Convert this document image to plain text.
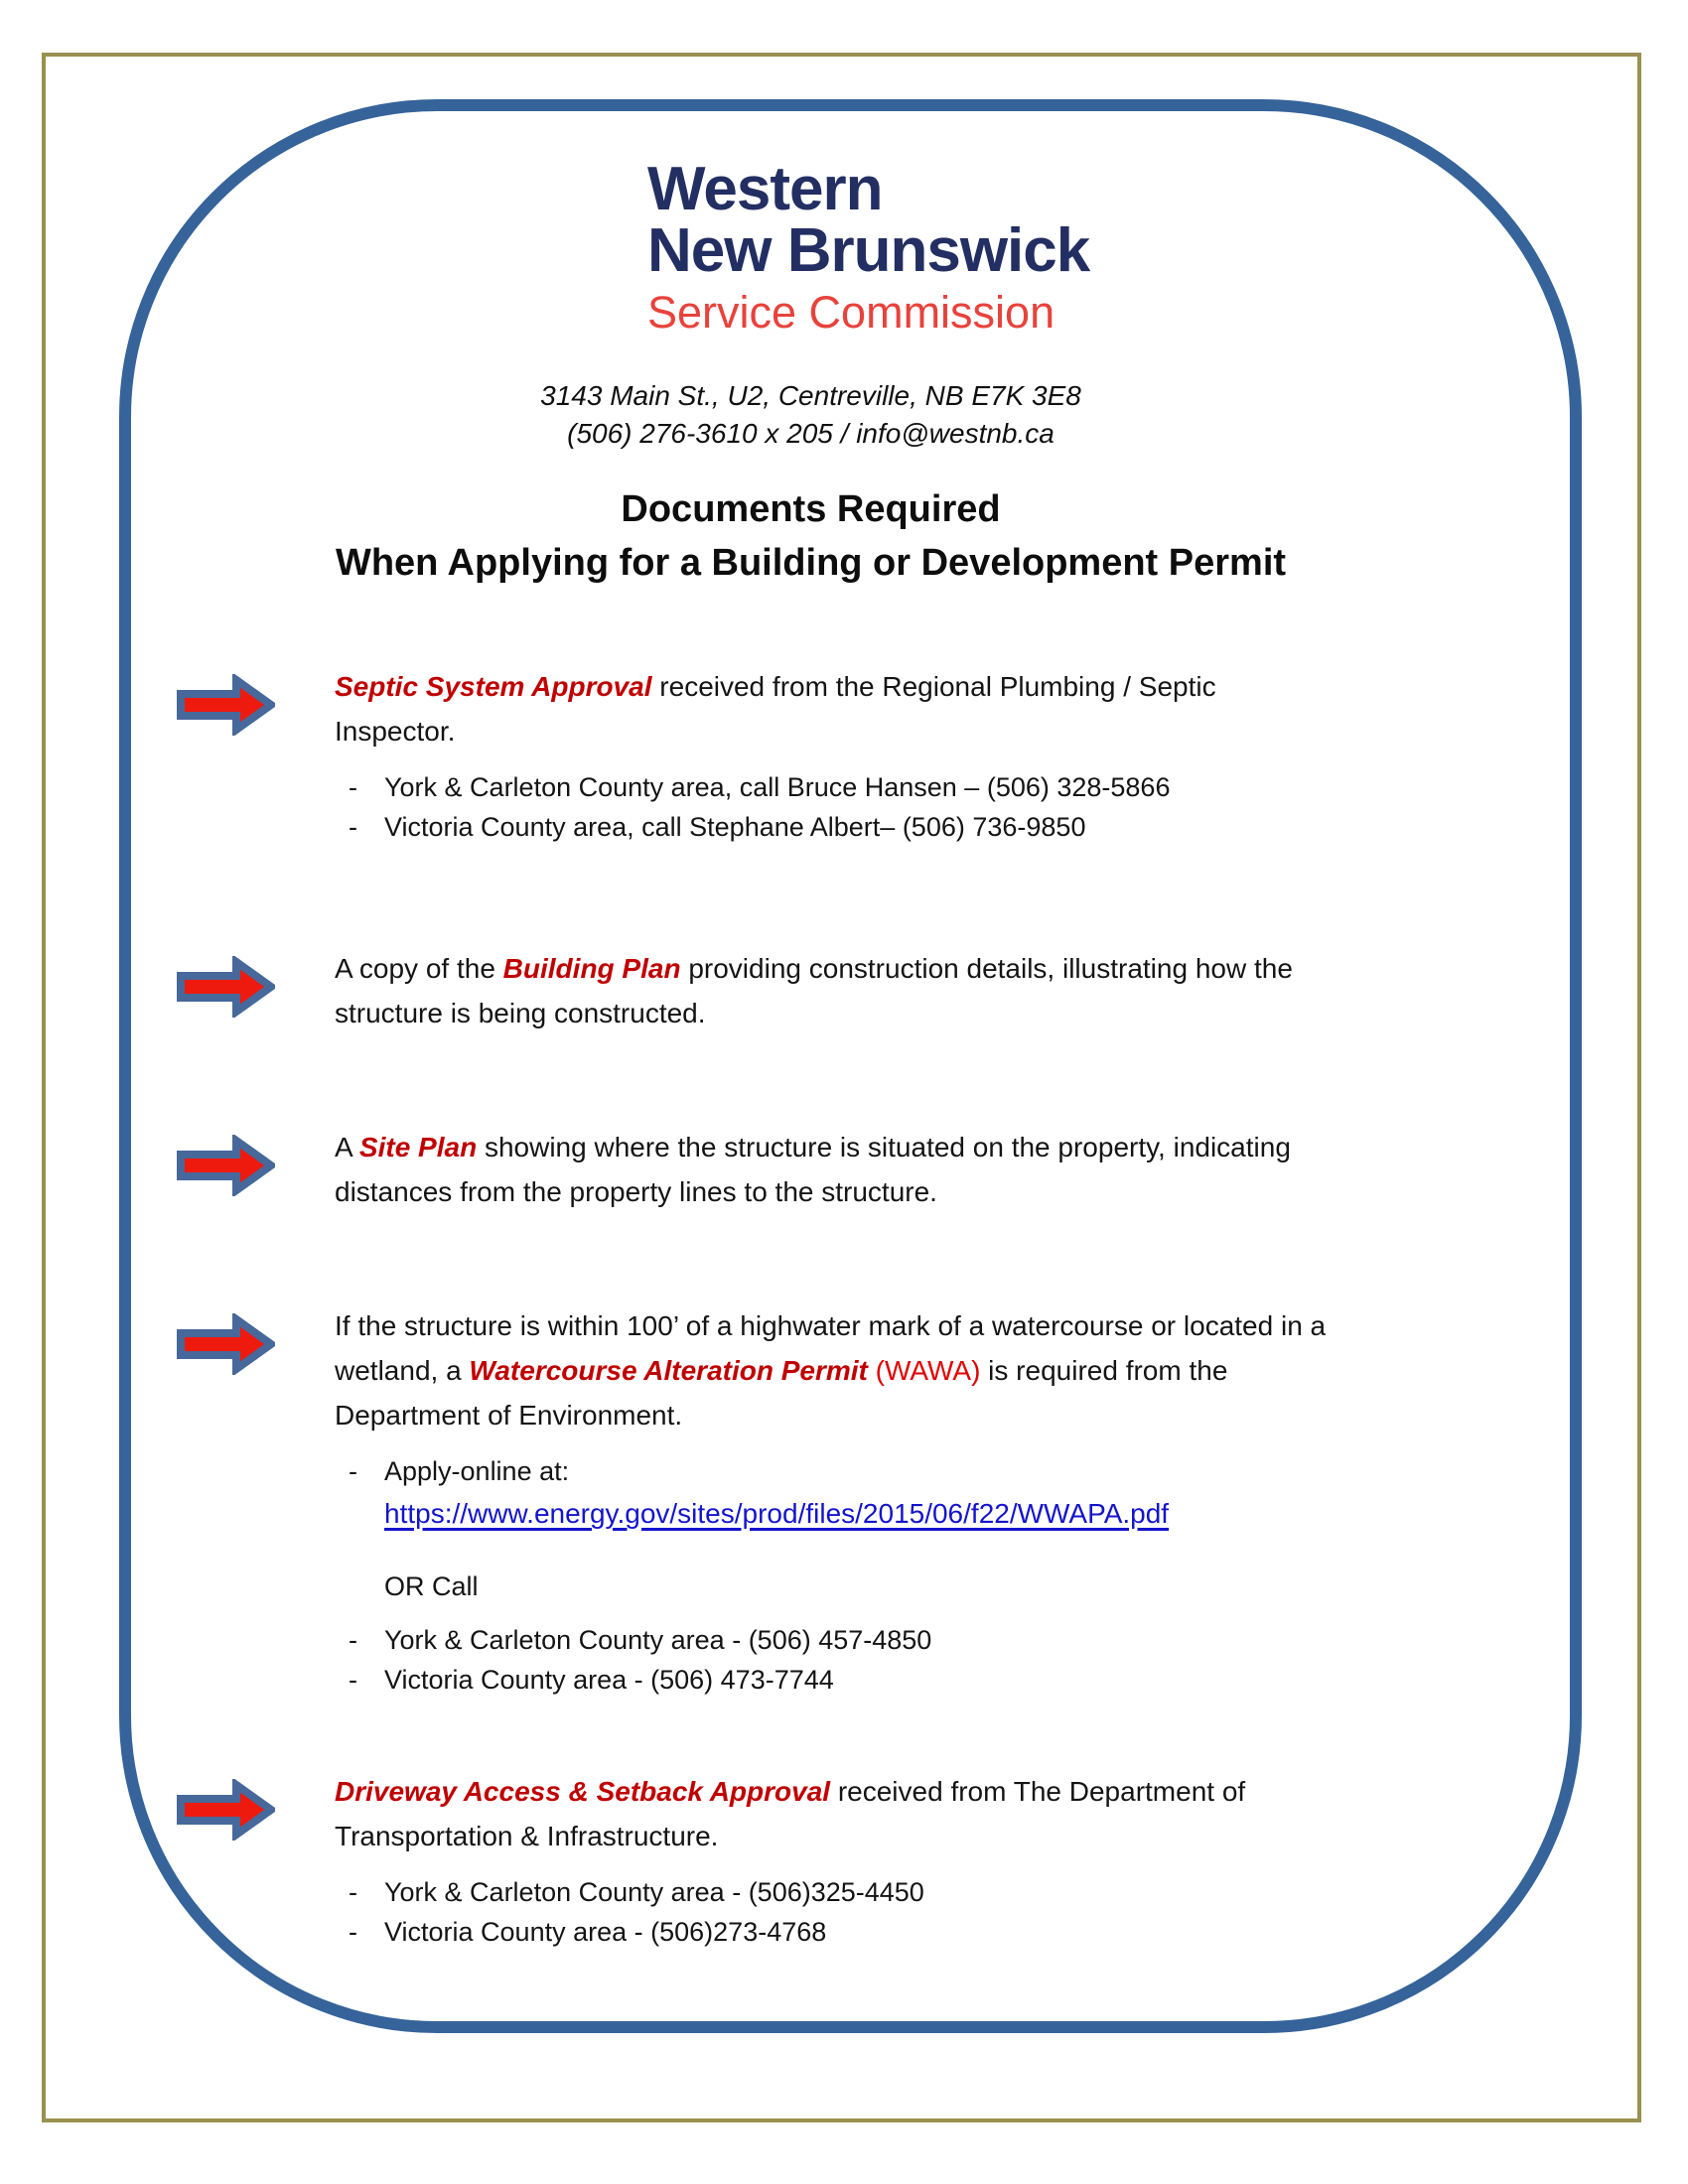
Western
New Brunswick
Service Commission
3143 Main St., U2, Centreville, NB E7K 3E8
(506) 276-3610 x 205 / info@westnb.ca
Documents Required
When Applying for a Building or Development Permit

Septic System Approval received from the Regional Plumbing / Septic Inspector.

- York & Carleton County area, call Bruce Hansen – (506) 328-5866
- Victoria County area, call Stephane Albert– (506) 736-9850

A copy of the Building Plan providing construction details, illustrating how the structure is being constructed.

A Site Plan showing where the structure is situated on the property, indicating distances from the property lines to the structure.

If the structure is within 100’ of a highwater mark of a watercourse or located in a wetland, a Watercourse Alteration Permit (WAWA) is required from the Department of Environment.

- Apply-online at:
https://www.energy.gov/sites/prod/files/2015/06/f22/WWAPA.pdf
OR Call
- York & Carleton County area - (506) 457-4850
- Victoria County area - (506) 473-7744

Driveway Access & Setback Approval received from The Department of Transportation & Infrastructure.

- York & Carleton County area - (506)325-4450
- Victoria County area - (506)273-4768
